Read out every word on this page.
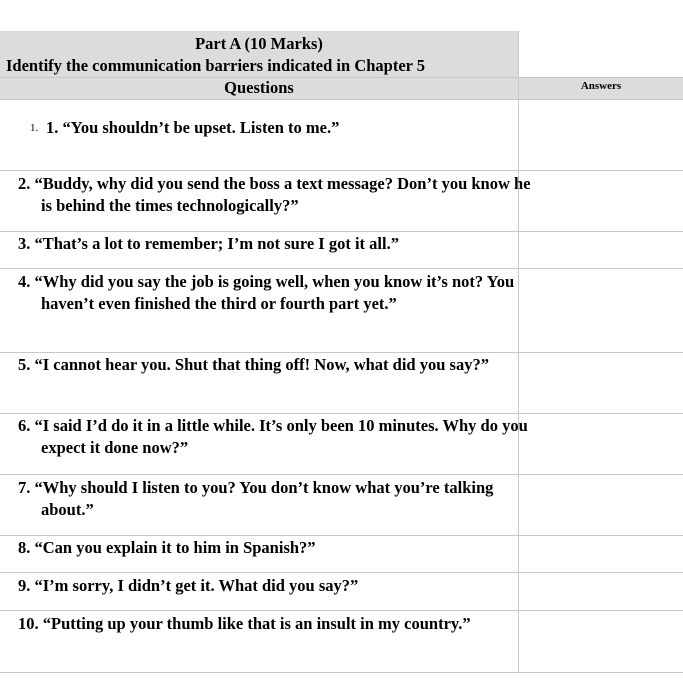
Part A (10 Marks)
Identify the communication barriers indicated in Chapter 5
Questions	Answers
1. 1. “You shouldn’t be upset. Listen to me.”
2. “Buddy, why did you send the boss a text message? Don’t you know he is behind the times technologically?”
3. “That’s a lot to remember; I’m not sure I got it all.”
4. “Why did you say the job is going well, when you know it’s not? You haven’t even finished the third or fourth part yet.”
5. “I cannot hear you. Shut that thing off! Now, what did you say?”
6. “I said I’d do it in a little while. It’s only been 10 minutes. Why do you expect it done now?”
7. “Why should I listen to you? You don’t know what you’re talking about.”
8. “Can you explain it to him in Spanish?”
9. “I’m sorry, I didn’t get it. What did you say?”
10. “Putting up your thumb like that is an insult in my country.”
